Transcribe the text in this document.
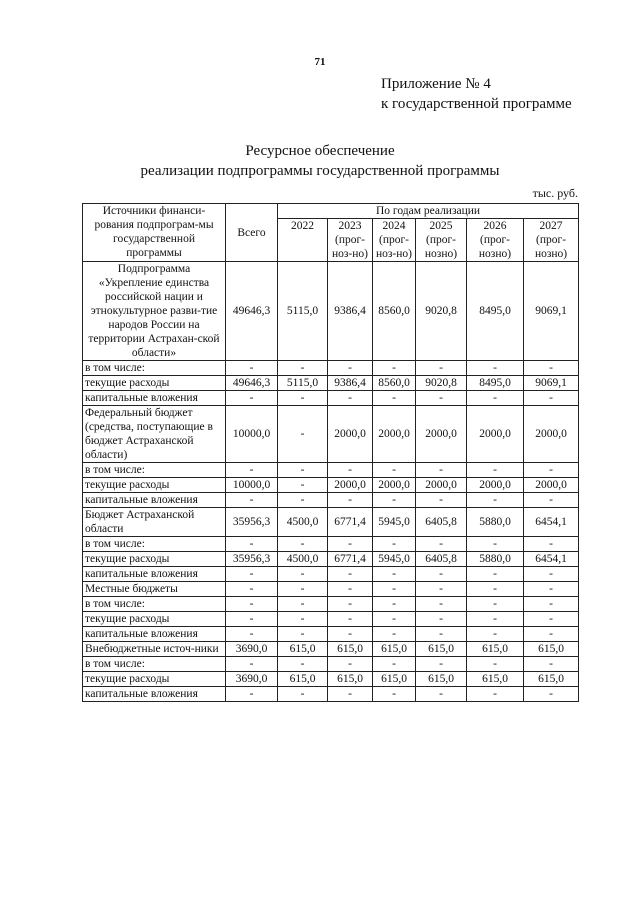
71
Приложение № 4
к государственной программе
Ресурсное обеспечение
реализации подпрограммы государственной программы
тыс. руб.
Источники финанси-рования подпрограм-мы государственной программы	Всего	По годам реализации					
		2022	2023 (прог-ноз-но)	2024 (прог-ноз-но)	2025 (прог-нозно)	2026 (прог-нозно)	2027 (прог-нозно)
Подпрограмма «Укрепление единства российской нации и этнокультурное разви-тие народов России на территории Астрахан-ской области»	49646,3	5115,0	9386,4	8560,0	9020,8	8495,0	9069,1
в том числе:	-	-	-	-	-	-	-
текущие расходы	49646,3	5115,0	9386,4	8560,0	9020,8	8495,0	9069,1
капитальные вложения	-	-	-	-	-	-	-
Федеральный бюджет (средства, поступающие в бюджет Астраханской области)	10000,0	-	2000,0	2000,0	2000,0	2000,0	2000,0
в том числе:	-	-	-	-	-	-	-
текущие расходы	10000,0	-	2000,0	2000,0	2000,0	2000,0	2000,0
капитальные вложения	-	-	-	-	-	-	-
Бюджет Астраханской области	35956,3	4500,0	6771,4	5945,0	6405,8	5880,0	6454,1
в том числе:	-	-	-	-	-	-	-
текущие расходы	35956,3	4500,0	6771,4	5945,0	6405,8	5880,0	6454,1
капитальные вложения	-	-	-	-	-	-	-
Местные бюджеты	-	-	-	-	-	-	-
в том числе:	-	-	-	-	-	-	-
текущие расходы	-	-	-	-	-	-	-
капитальные вложения	-	-	-	-	-	-	-
Внебюджетные источ-ники	3690,0	615,0	615,0	615,0	615,0	615,0	615,0
в том числе:	-	-	-	-	-	-	-
текущие расходы	3690,0	615,0	615,0	615,0	615,0	615,0	615,0
капитальные вложения	-	-	-	-	-	-	-
